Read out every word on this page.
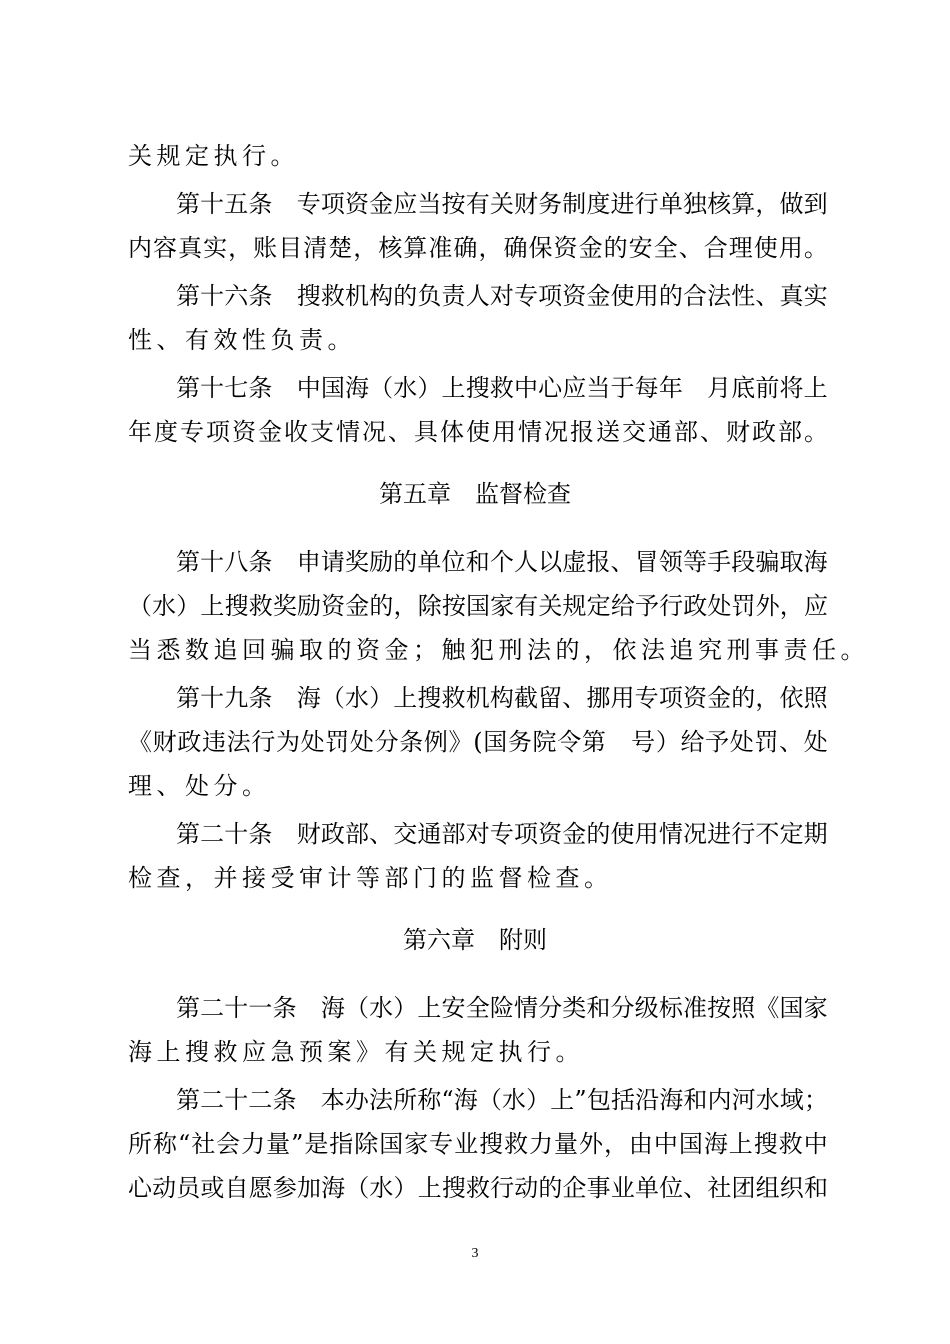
关规定执行。
第 十 五 条
专 项 资 金 应 当 按 有 关 财 务 制 度 进 行 单 独 核 算 ， 做 到
内 容 真 实 ， 账 目 清 楚 ， 核 算 准 确 ， 确 保 资 金 的 安 全 、 合 理 使 用 。
第 十 六 条
搜 救 机 构 的 负 责 人 对 专 项 资 金 使 用 的 合 法 性 、 真 实
性、有效性负责。
第 十 七 条
中 国 海 （ 水 ） 上 搜 救 中 心 应 当 于 每 年
月 底 前 将 上
年 度 专 项 资 金 收 支 情 况 、 具 体 使 用 情 况 报 送 交 通 部 、 财 政 部 。
第五章　监督检查
第 十 八 条
申 请 奖 励 的 单 位 和 个 人 以 虚 报 、 冒 领 等 手 段 骗 取 海
（ 水 ） 上 搜 救 奖 励 资 金 的 ， 除 按 国 家 有 关 规 定 给 予 行 政 处 罚 外 ， 应
当悉数追回骗取的资金；触犯刑法的，依法追究刑事责任。
第 十 九 条
海 （ 水 ） 上 搜 救 机 构 截 留 、 挪 用 专 项 资 金 的 ， 依 照
《 财 政 违 法 行 为 处 罚 处 分 条 例 》 ( 国 务 院 令 第
号 ） 给 予 处 罚 、 处
理、处分。
第 二 十 条
财 政 部 、 交 通 部 对 专 项 资 金 的 使 用 情 况 进 行 不 定 期
检查，并接受审计等部门的监督检查。
第六章　附则
第 二 十 一 条
海 （ 水 ） 上 安 全 险 情 分 类 和 分 级 标 准 按 照 《 国 家
海上搜救应急预案》有关规定执行。
第 二 十 二 条
本 办 法 所 称 “ 海 （ 水 ） 上 ” 包 括 沿 海 和 内 河 水 域 ；
所 称 “ 社 会 力 量 ” 是 指 除 国 家 专 业 搜 救 力 量 外 ， 由 中 国 海 上 搜 救 中
心 动 员 或 自 愿 参 加 海 （ 水 ） 上 搜 救 行 动 的 企 事 业 单 位 、 社 团 组 织 和
3
